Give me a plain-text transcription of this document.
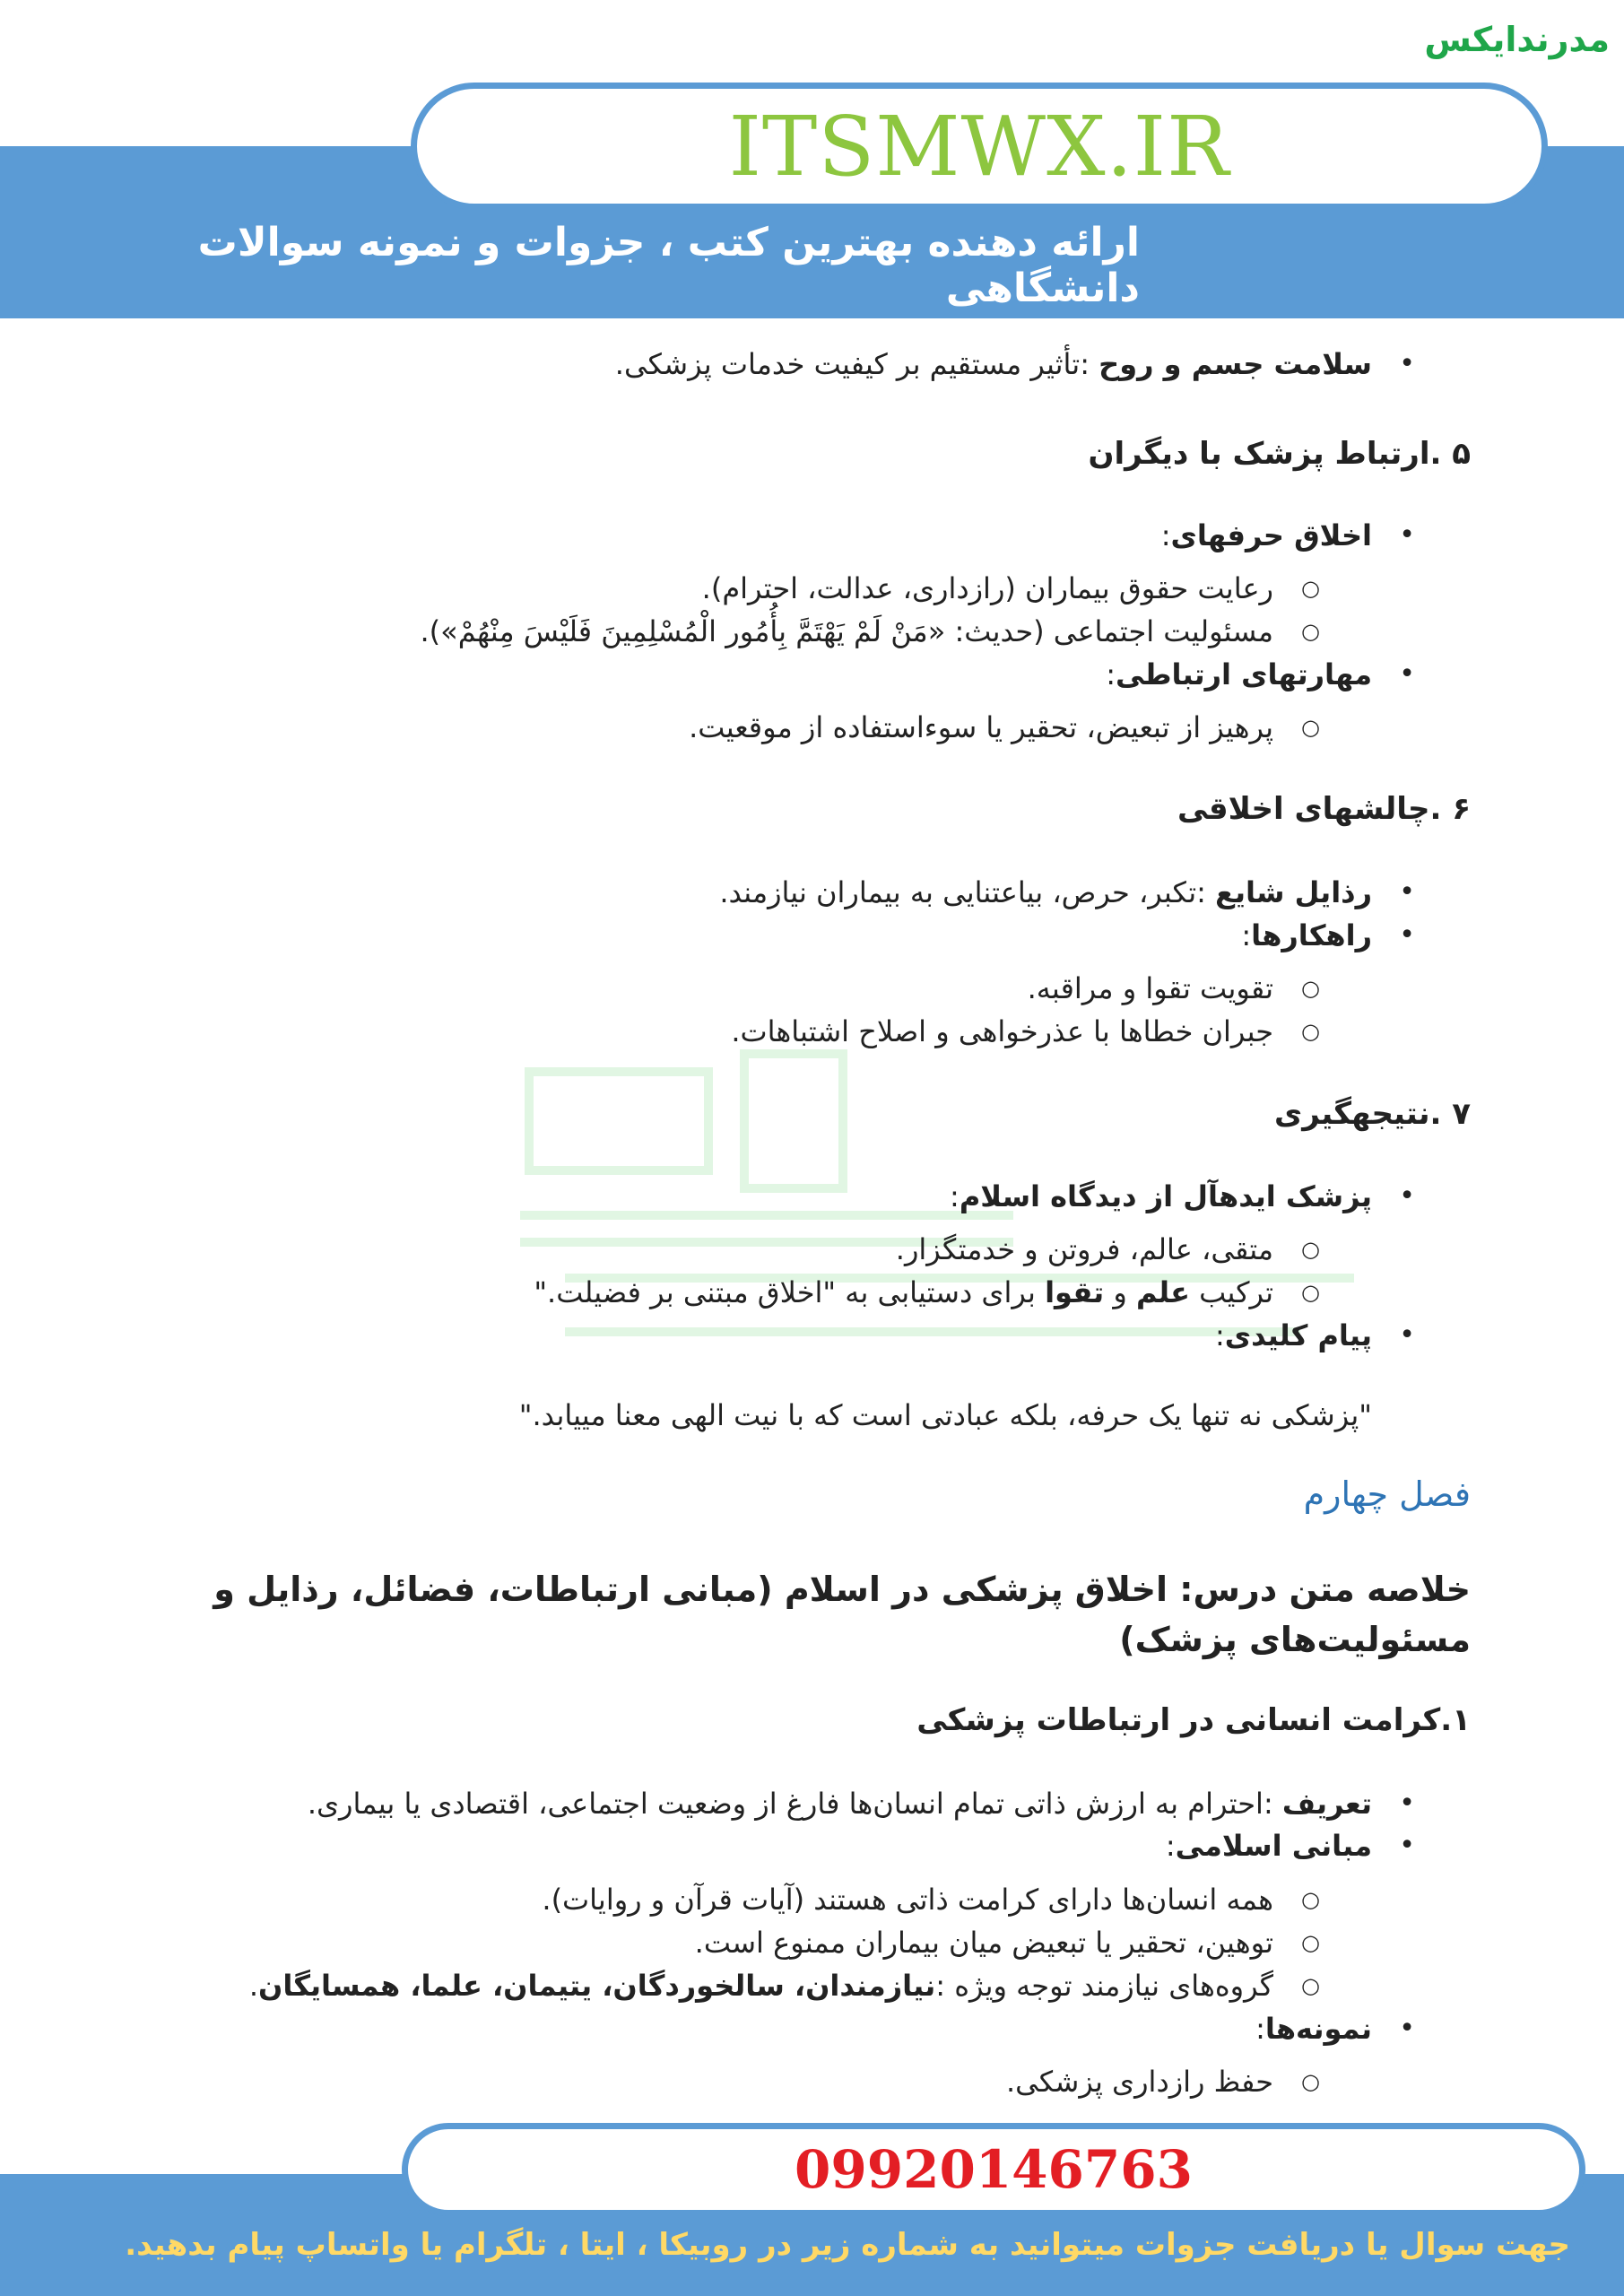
مدرندایکس
ITSMWX.IR
ارائه دهنده بهترین کتب ، جزوات و نمونه سوالات دانشگاهی
• سلامت جسم و روح :تأثیر مستقیم بر کیفیت خدمات پزشکی.
۵ .ارتباط پزشک با دیگران
• اخلاق حرفهای:
○ رعایت حقوق بیماران (رازداری، عدالت، احترام).
○ مسئولیت اجتماعی (حدیث: «مَنْ لَمْ یَهْتَمَّ بِأُمُور الْمُسْلِمِینَ فَلَیْسَ مِنْهُمْ»).
• مهارتهای ارتباطی:
○ پرهیز از تبعیض، تحقیر یا سوءاستفاده از موقعیت.
۶ .چالشهای اخلاقی
• رذایل شایع :تکبر، حرص، بیاعتنایی به بیماران نیازمند.
• راهکارها:
○ تقویت تقوا و مراقبه.
○ جبران خطاها با عذرخواهی و اصلاح اشتباهات.
۷ .نتیجهگیری
• پزشک ایدهآل از دیدگاه اسلام:
○ متقی، عالم، فروتن و خدمتگزار.
○ ترکیب علم و تقوا برای دستیابی به "اخلاق مبتنی بر فضیلت."
• پیام کلیدی:
"پزشکی نه تنها یک حرفه، بلکه عبادتی است که با نیت الهی معنا مییابد."
فصل چهارم
خلاصه متن درس: اخلاق پزشکی در اسلام (مبانی ارتباطات، فضائل، رذایل و مسئولیت‌های پزشک)
۱.کرامت انسانی در ارتباطات پزشکی
• تعریف :احترام به ارزش ذاتی تمام انسان‌ها فارغ از وضعیت اجتماعی، اقتصادی یا بیماری.
• مبانی اسلامی:
○ همه انسان‌ها دارای کرامت ذاتی هستند (آیات قرآن و روایات).
○ توهین، تحقیر یا تبعیض میان بیماران ممنوع است.
○ گروه‌های نیازمند توجه ویژه :نیازمندان، سالخوردگان، یتیمان، علما، همسایگان.
• نمونه‌ها:
○ حفظ رازداری پزشکی.
09920146763
جهت سوال یا دریافت جزوات میتوانید به شماره زیر در روبیکا ، ایتا ، تلگرام یا واتساپ پیام بدهید.
